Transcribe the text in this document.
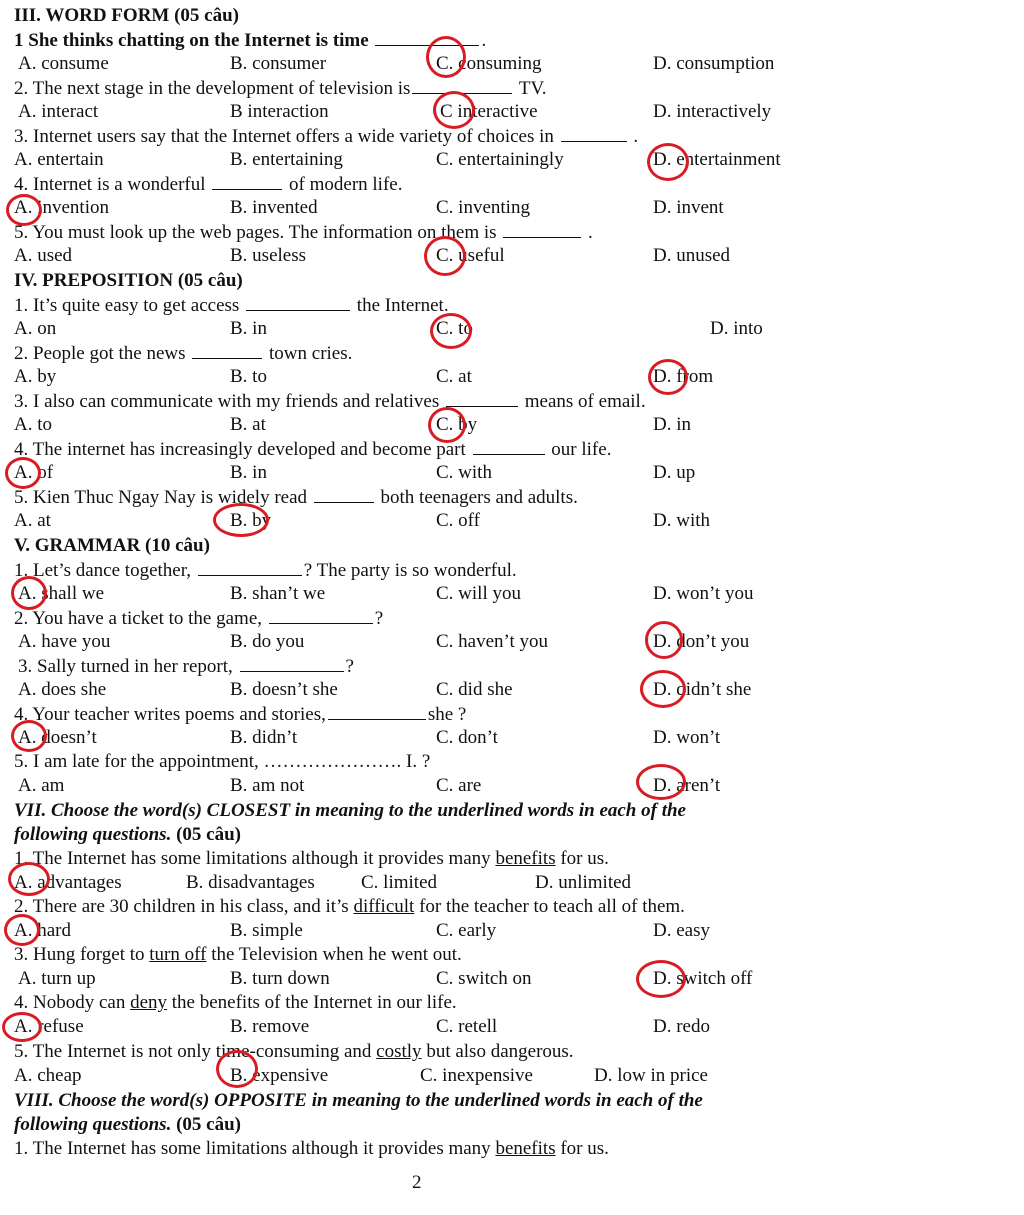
III. WORD FORM (05 câu)
1 She thinks chatting on the Internet is time	.
A. consume	B. consumer	C. consuming	D. consumption
2. The next stage in the development of television is	TV.
A. interact	B interaction	C interactive	D. interactively
3. Internet users say that the Internet offers a wide variety of choices in	.
A. entertain	B. entertaining	C. entertainingly	D. entertainment
4. Internet is a wonderful	of modern life.
A. invention	B. invented	C. inventing	D. invent
5. You must look up the web pages. The information on them is	.
A. used	B. useless	C. useful	D. unused
IV. PREPOSITION (05 câu)
1. It’s quite easy to get access	the Internet.
A. on	B. in	C. to	D. into
2. People got the news	town cries.
A. by	B. to	C. at	D. from
3. I also can communicate with my friends and relatives	means of email.
A. to	B. at	C. by	D. in
4. The internet has increasingly developed and become part	our life.
A. of	B. in	C. with	D. up
5. Kien Thuc Ngay Nay is widely read	both teenagers and adults.
A. at	B. by	C. off	D. with
V. GRAMMAR (10 câu)
1. Let’s dance together,	? The party is so wonderful.
A. shall we	B. shan’t we	C. will you	D. won’t you
2. You have a ticket to the game,	?
A. have you	B. do you	C. haven’t you	D. don’t you
3. Sally turned in her report,	?
A. does she	B. doesn’t she	C. did she	D. didn’t she
4. Your teacher writes poems and stories,	she ?
A. doesn’t	B. didn’t	C. don’t	D. won’t
5. I am late for the appointment, …………………. I. ?
A. am	B. am not	C. are	D. aren’t
VII. Choose the word(s) CLOSEST in meaning to the underlined words in each of the
following questions. (05 câu)
1. The Internet has some limitations although it provides many benefits for us.
A. advantages	B. disadvantages C. limited	D. unlimited
2. There are 30 children in his class, and it’s difficult for the teacher to teach all of them.
A. hard	B. simple	C. early	D. easy
3. Hung forget to turn off the Television when he went out.
A. turn up	B. turn down	C. switch on	D. switch off
4. Nobody can deny the benefits of the Internet in our life.
A. refuse	B. remove	C. retell	D. redo
5. The Internet is not only time-consuming and costly but also dangerous.
A. cheap	B. expensive	C. inexpensive	D. low in price
VIII. Choose the word(s) OPPOSITE in meaning to the underlined words in each of the
following questions. (05 câu)
1. The Internet has some limitations although it provides many benefits for us.
2
